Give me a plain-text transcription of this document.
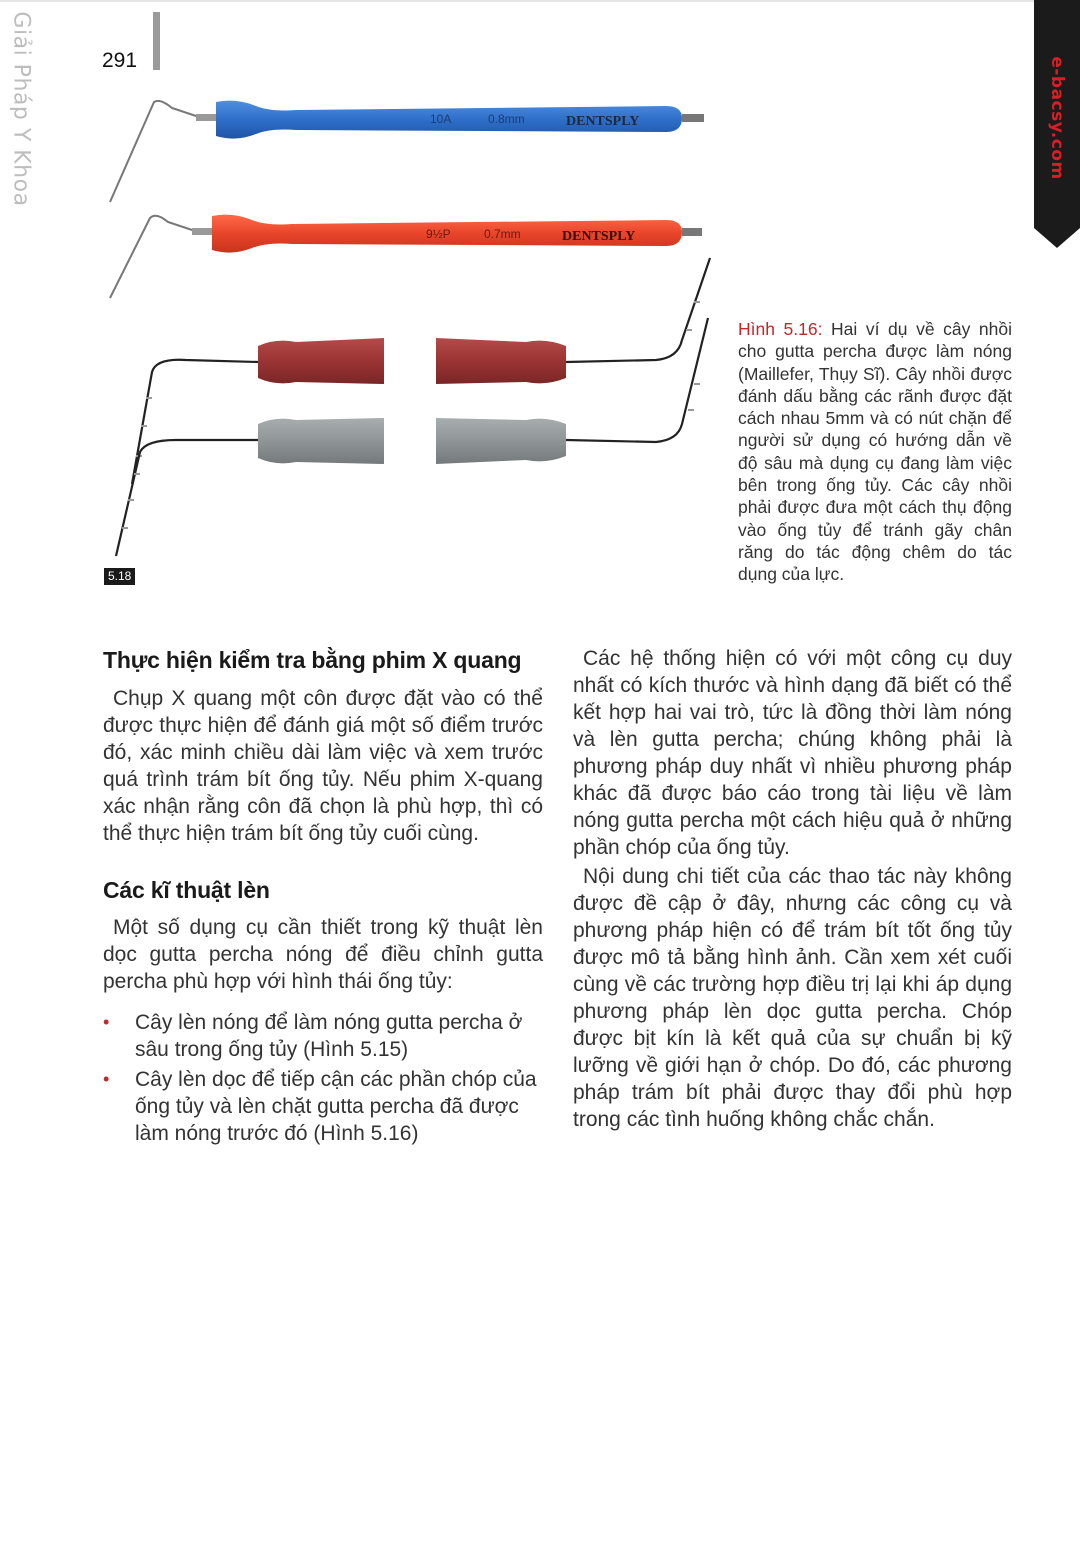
Giải Pháp Y Khoa	291	e-bacsy.com
10A	0.8mm	DENTSPLY
9½P	0.7mm	DENTSPLY
5.18
Hình 5.16: Hai ví dụ về cây nhồi cho gutta percha được làm nóng (Maillefer, Thụy Sĩ). Cây nhồi được đánh dấu bằng các rãnh được đặt cách nhau 5mm và có nút chặn để người sử dụng có hướng dẫn về độ sâu mà dụng cụ đang làm việc bên trong ống tủy. Các cây nhồi phải được đưa một cách thụ động vào ống tủy để tránh gãy chân răng do tác động chêm do tác dụng của lực.
Thực hiện kiểm tra bằng phim X quang

Chụp X quang một côn được đặt vào có thể được thực hiện để đánh giá một số điểm trước đó, xác minh chiều dài làm việc và xem trước quá trình trám bít ống tủy. Nếu phim X-quang xác nhận rằng côn đã chọn là phù hợp, thì có thể thực hiện trám bít ống tủy cuối cùng.

Các kĩ thuật lèn

Một số dụng cụ cần thiết trong kỹ thuật lèn dọc gutta percha nóng để điều chỉnh gutta percha phù hợp với hình thái ống tủy:

• Cây lèn nóng để làm nóng gutta percha ở sâu trong ống tủy (Hình 5.15)
• Cây lèn dọc để tiếp cận các phần chóp của ống tủy và lèn chặt gutta percha đã được làm nóng trước đó (Hình 5.16)

Các hệ thống hiện có với một công cụ duy nhất có kích thước và hình dạng đã biết có thể kết hợp hai vai trò, tức là đồng thời làm nóng và lèn gutta percha; chúng không phải là phương pháp duy nhất vì nhiều phương pháp khác đã được báo cáo trong tài liệu về làm nóng gutta percha một cách hiệu quả ở những phần chóp của ống tủy.

Nội dung chi tiết của các thao tác này không được đề cập ở đây, nhưng các công cụ và phương pháp hiện có để trám bít tốt ống tủy được mô tả bằng hình ảnh. Cần xem xét cuối cùng về các trường hợp điều trị lại khi áp dụng phương pháp lèn dọc gutta percha. Chóp được bịt kín là kết quả của sự chuẩn bị kỹ lưỡng về giới hạn ở chóp. Do đó, các phương pháp trám bít phải được thay đổi phù hợp trong các tình huống không chắc chắn.
